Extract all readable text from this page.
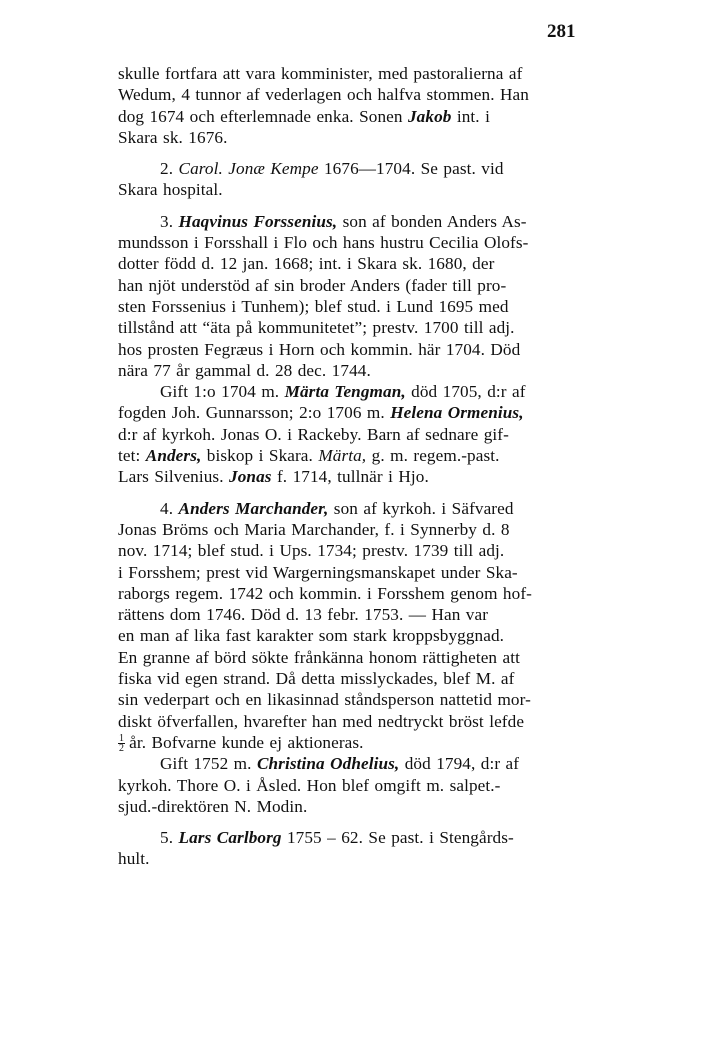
281
skulle fortfara att vara komminister, med pastoralierna af
Wedum, 4 tunnor af vederlagen och halfva stommen. Han
dog 1674 och efterlemnade enka. Sonen Jakob int. i
Skara sk. 1676.
2. Carol. Jonæ Kempe 1676—1704. Se past. vid
Skara hospital.
3. Haqvinus Forssenius, son af bonden Anders As-
mundsson i Forsshall i Flo och hans hustru Cecilia Olofs-
dotter född d. 12 jan. 1668; int. i Skara sk. 1680, der
han njöt understöd af sin broder Anders (fader till pro-
sten Forssenius i Tunhem); blef stud. i Lund 1695 med
tillstånd att “äta på kommunitetet”; prestv. 1700 till adj.
hos prosten Fegræus i Horn och kommin. här 1704. Död
nära 77 år gammal d. 28 dec. 1744.
Gift 1:o 1704 m. Märta Tengman, död 1705, d:r af
fogden Joh. Gunnarsson; 2:o 1706 m. Helena Ormenius,
d:r af kyrkoh. Jonas O. i Rackeby. Barn af sednare gif-
tet: Anders, biskop i Skara. Märta, g. m. regem.-past.
Lars Silvenius. Jonas f. 1714, tullnär i Hjo.
4. Anders Marchander, son af kyrkoh. i Säfvared
Jonas Bröms och Maria Marchander, f. i Synnerby d. 8
nov. 1714; blef stud. i Ups. 1734; prestv. 1739 till adj.
i Forsshem; prest vid Wargerningsmanskapet under Ska-
raborgs regem. 1742 och kommin. i Forsshem genom hof-
rättens dom 1746. Död d. 13 febr. 1753. — Han var
en man af lika fast karakter som stark kroppsbyggnad.
En granne af börd sökte frånkänna honom rättigheten att
fiska vid egen strand. Då detta misslyckades, blef M. af
sin vederpart och en likasinnad ståndsperson nattetid mor-
diskt öfverfallen, hvarefter han med nedtryckt bröst lefde
$\frac{1}{2}$ år. Bofvarne kunde ej aktioneras.
Gift 1752 m. Christina Odhelius, död 1794, d:r af
kyrkoh. Thore O. i Åsled. Hon blef omgift m. salpet.-
sjud.-direktören N. Modin.
5. Lars Carlborg 1755 – 62. Se past. i Stengårds-
hult.
